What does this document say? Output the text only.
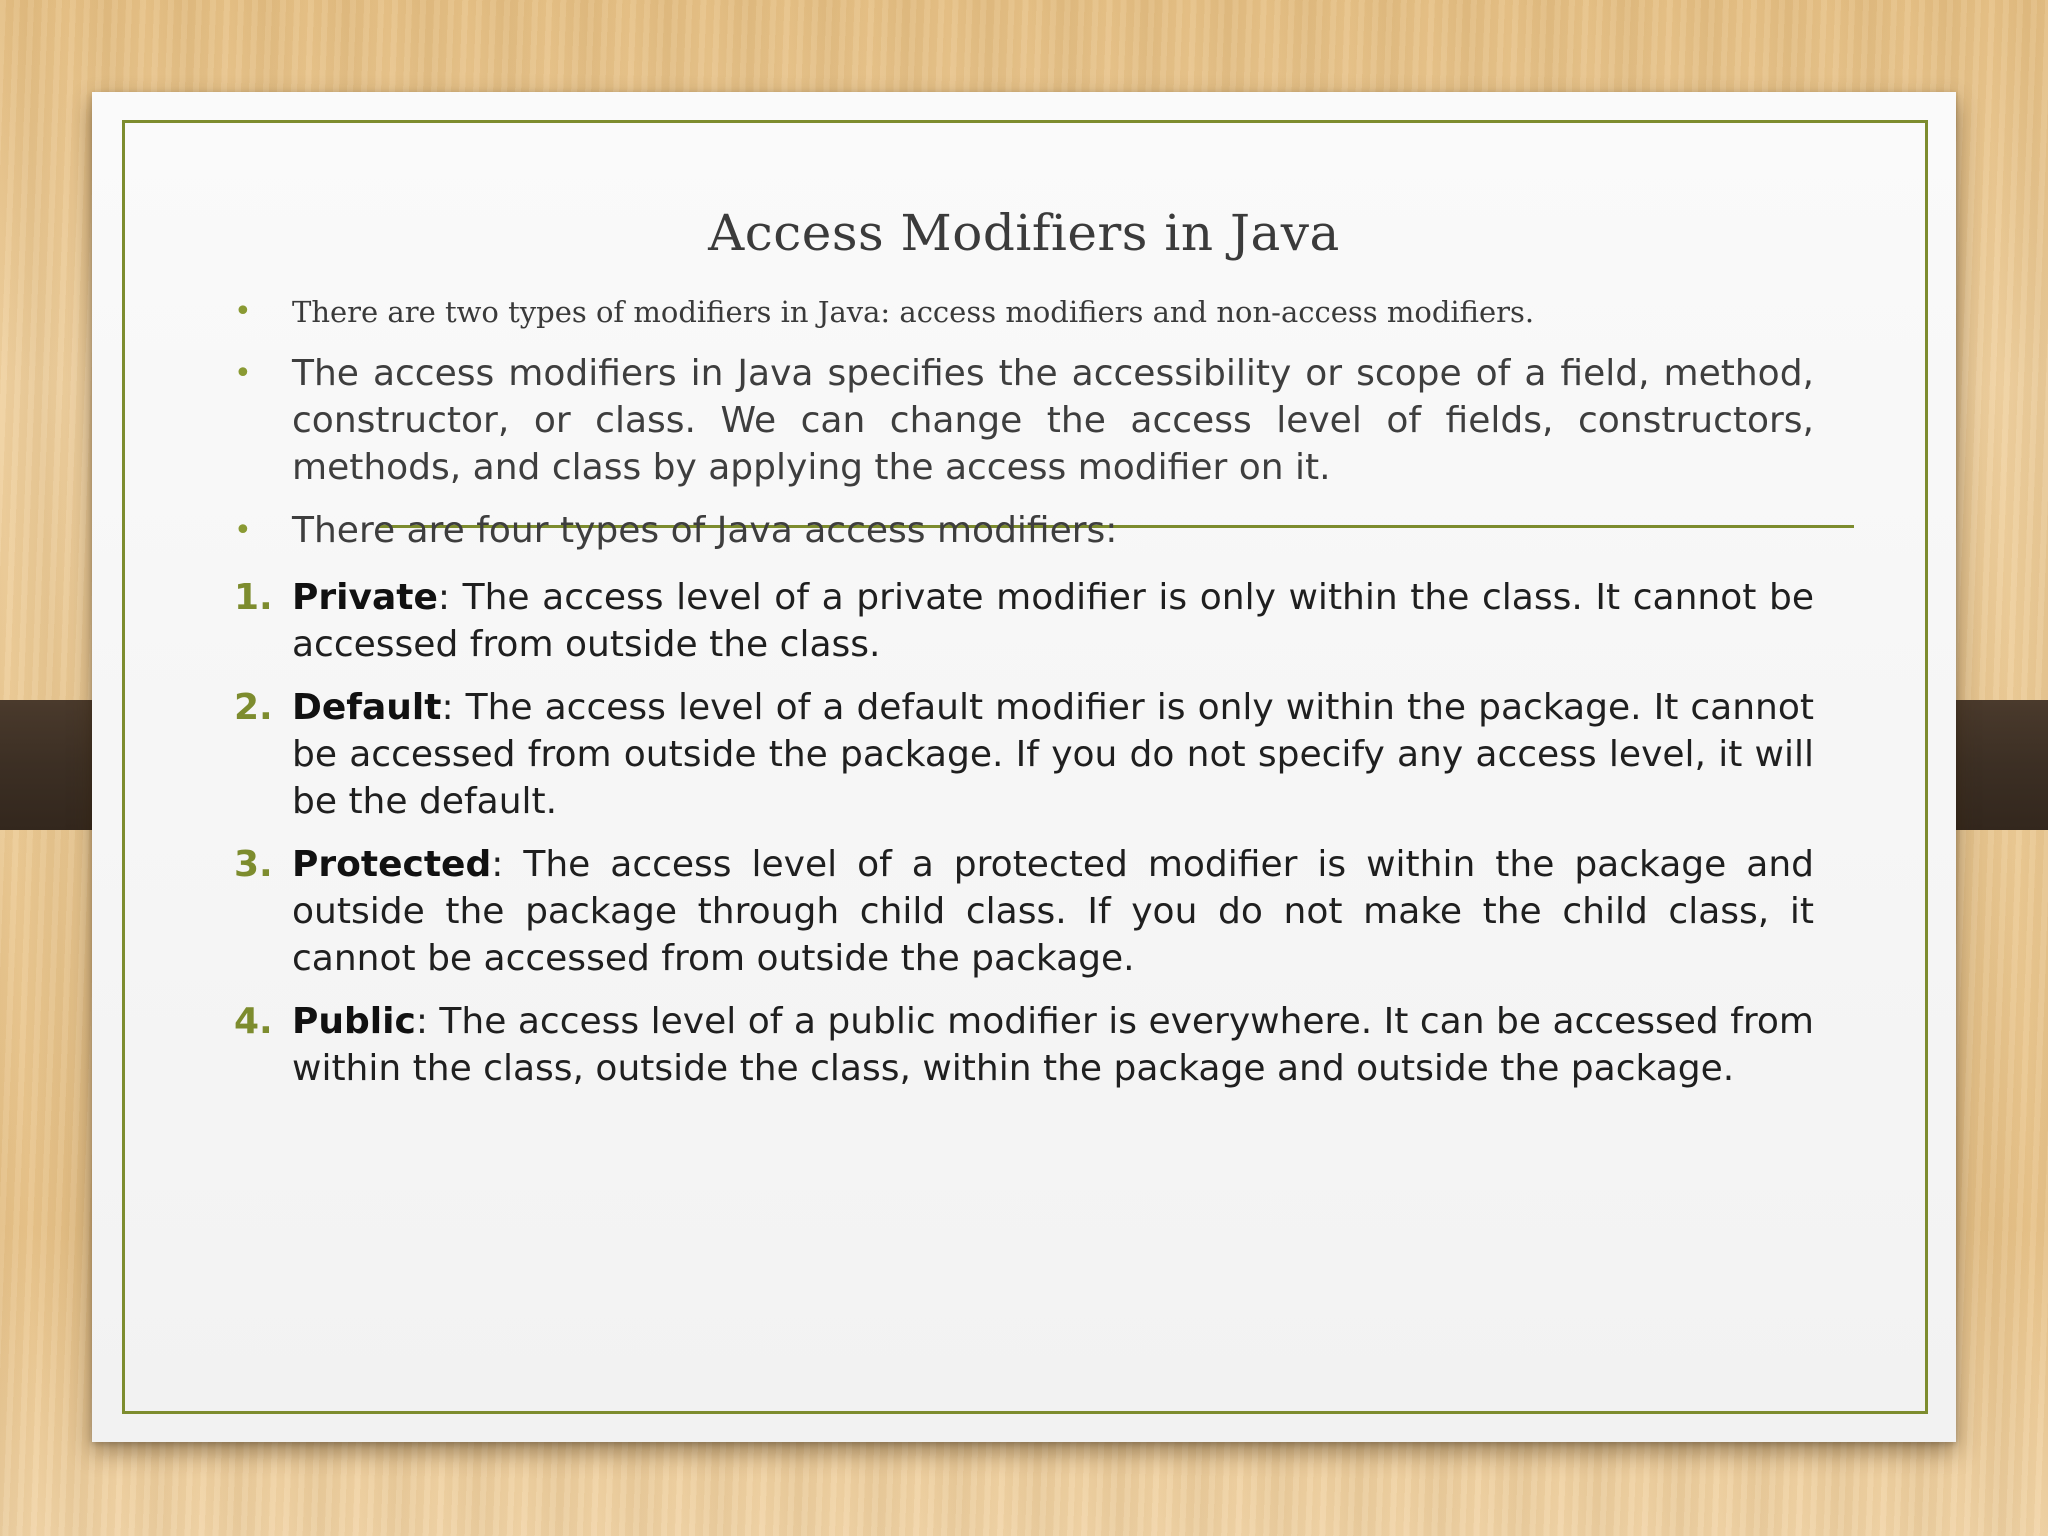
Access Modifiers in Java
• There are two types of modifiers in Java: access modifiers and non-access modifiers.
• The access modifiers in Java specifies the accessibility or scope of a field, method, constructor, or class. We can change the access level of fields, constructors, methods, and class by applying the access modifier on it.
• There are four types of Java access modifiers:
1. Private: The access level of a private modifier is only within the class. It cannot be accessed from outside the class.
2. Default: The access level of a default modifier is only within the package. It cannot be accessed from outside the package. If you do not specify any access level, it will be the default.
3. Protected: The access level of a protected modifier is within the package and outside the package through child class. If you do not make the child class, it cannot be accessed from outside the package.
4. Public: The access level of a public modifier is everywhere. It can be accessed from within the class, outside the class, within the package and outside the package.
